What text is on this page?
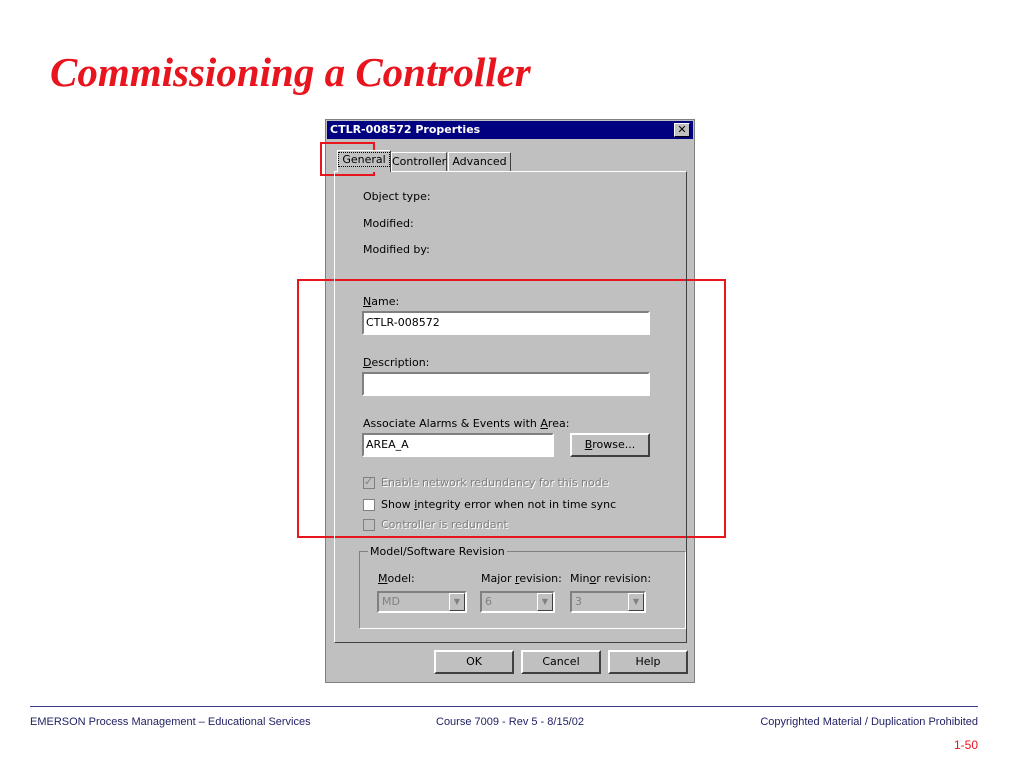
Commissioning a Controller
CTLR-008572 Properties	✕
General Controller Advanced
Object type:
Modified:
Modified by:
Name:
CTLR-008572
Description:
Associate Alarms & Events with Area:
AREA_A	Browse...
✓ Enable network redundancy for this node
Show integrity error when not in time sync
Controller is redundant
Model/Software Revision
Model:	Major revision: Minor revision:
MD	▼	6	▼	3	▼
OK	Cancel	Help
EMERSON Process Management – Educational Services	Course 7009 - Rev 5 - 8/15/02	Copyrighted Material / Duplication Prohibited
1-50
